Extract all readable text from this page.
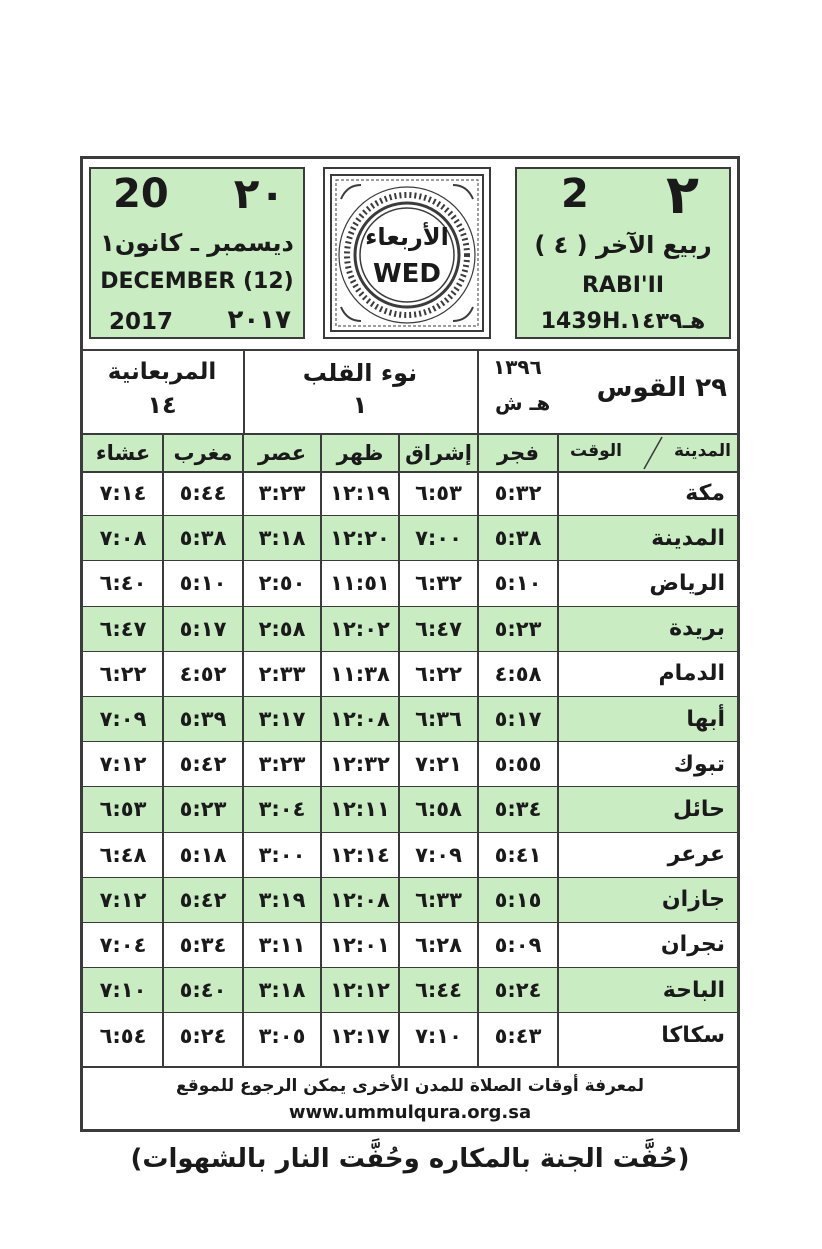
20 ٢٠
ديسمبر ـ كانون١
DECEMBER (12)
2017 ٢٠١٧
الأربعاء
WED
2 ٢
ربيع الآخر ( ٤ )
RABI'II
1439H.هـ١٤٣٩
المربعانية
١٤
نوء القلب
١
١٣٩٦
هـ ش ٢٩ القوس
عشاء	مغرب	عصر	ظهر	إشراق	فجر	الوقت	المدينة
٧:١٤	٥:٤٤	٣:٢٣	١٢:١٩	٦:٥٣	٥:٣٢	مكة
٧:٠٨	٥:٣٨	٣:١٨	١٢:٢٠	٧:٠٠	٥:٣٨	المدينة
٦:٤٠	٥:١٠	٢:٥٠	١١:٥١	٦:٣٢	٥:١٠	الرياض
٦:٤٧	٥:١٧	٢:٥٨	١٢:٠٢	٦:٤٧	٥:٢٣	بريدة
٦:٢٢	٤:٥٢	٢:٣٣	١١:٣٨	٦:٢٢	٤:٥٨	الدمام
٧:٠٩	٥:٣٩	٣:١٧	١٢:٠٨	٦:٣٦	٥:١٧	أبها
٧:١٢	٥:٤٢	٣:٢٣	١٢:٣٢	٧:٢١	٥:٥٥	تبوك
٦:٥٣	٥:٢٣	٣:٠٤	١٢:١١	٦:٥٨	٥:٣٤	حائل
٦:٤٨	٥:١٨	٣:٠٠	١٢:١٤	٧:٠٩	٥:٤١	عرعر
٧:١٢	٥:٤٢	٣:١٩	١٢:٠٨	٦:٣٣	٥:١٥	جازان
٧:٠٤	٥:٣٤	٣:١١	١٢:٠١	٦:٢٨	٥:٠٩	نجران
٧:١٠	٥:٤٠	٣:١٨	١٢:١٢	٦:٤٤	٥:٢٤	الباحة
٦:٥٤	٥:٢٤	٣:٠٥	١٢:١٧	٧:١٠	٥:٤٣	سكاكا
لمعرفة أوقات الصلاة للمدن الأخرى يمكن الرجوع للموقع
www.ummulqura.org.sa
(حُفَّت الجنة بالمكاره وحُفَّت النار بالشهوات)
